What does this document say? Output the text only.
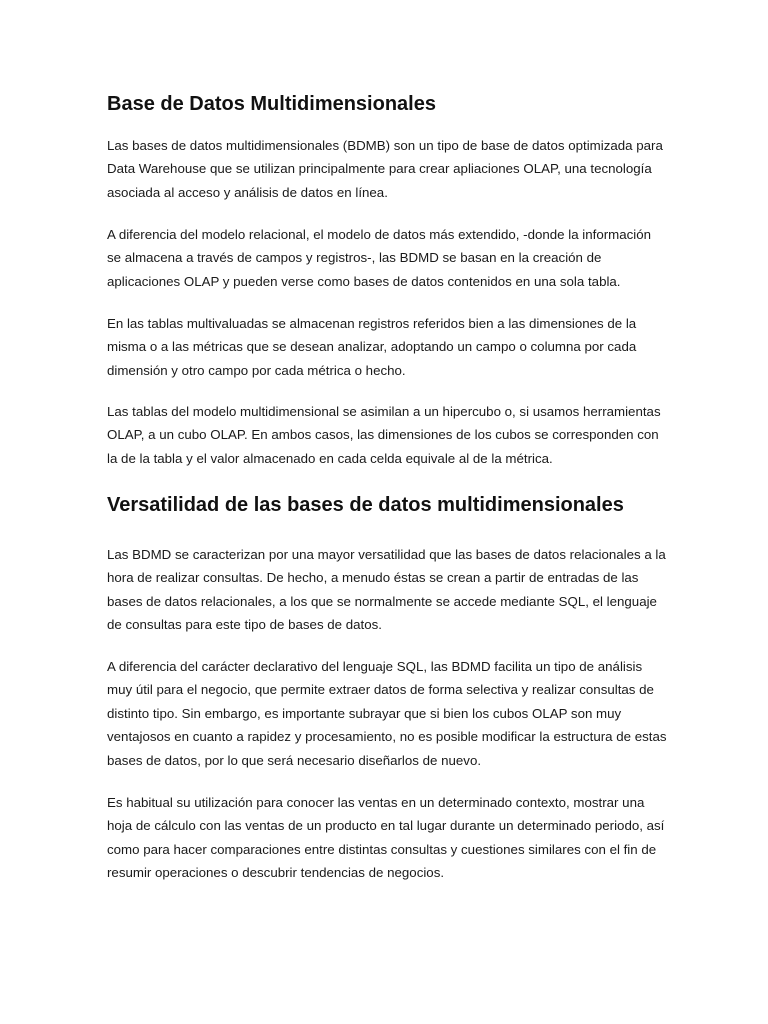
Base de Datos Multidimensionales

Las bases de datos multidimensionales (BDMB) son un tipo de base de datos optimizada para Data Warehouse que se utilizan principalmente para crear apliaciones OLAP, una tecnología asociada al acceso y análisis de datos en línea.

A diferencia del modelo relacional, el modelo de datos más extendido, -donde la información se almacena a través de campos y registros-, las BDMD se basan en la creación de aplicaciones OLAP y pueden verse como bases de datos contenidos en una sola tabla.

En las tablas multivaluadas se almacenan registros referidos bien a las dimensiones de la misma o a las métricas que se desean analizar, adoptando un campo o columna por cada dimensión y otro campo por cada métrica o hecho.

Las tablas del modelo multidimensional se asimilan a un hipercubo o, si usamos herramientas OLAP, a un cubo OLAP. En ambos casos, las dimensiones de los cubos se corresponden con la de la tabla y el valor almacenado en cada celda equivale al de la métrica.

Versatilidad de las bases de datos multidimensionales

Las BDMD se caracterizan por una mayor versatilidad que las bases de datos relacionales a la hora de realizar consultas. De hecho, a menudo éstas se crean a partir de entradas de las bases de datos relacionales, a los que se normalmente se accede mediante SQL, el lenguaje de consultas para este tipo de bases de datos.

A diferencia del carácter declarativo del lenguaje SQL, las BDMD facilita un tipo de análisis muy útil para el negocio, que permite extraer datos de forma selectiva y realizar consultas de distinto tipo. Sin embargo, es importante subrayar que si bien los cubos OLAP son muy ventajosos en cuanto a rapidez y procesamiento, no es posible modificar la estructura de estas bases de datos, por lo que será necesario diseñarlos de nuevo.

Es habitual su utilización para conocer las ventas en un determinado contexto, mostrar una hoja de cálculo con las ventas de un producto en tal lugar durante un determinado periodo, así como para hacer comparaciones entre distintas consultas y cuestiones similares con el fin de resumir operaciones o descubrir tendencias de negocios.
